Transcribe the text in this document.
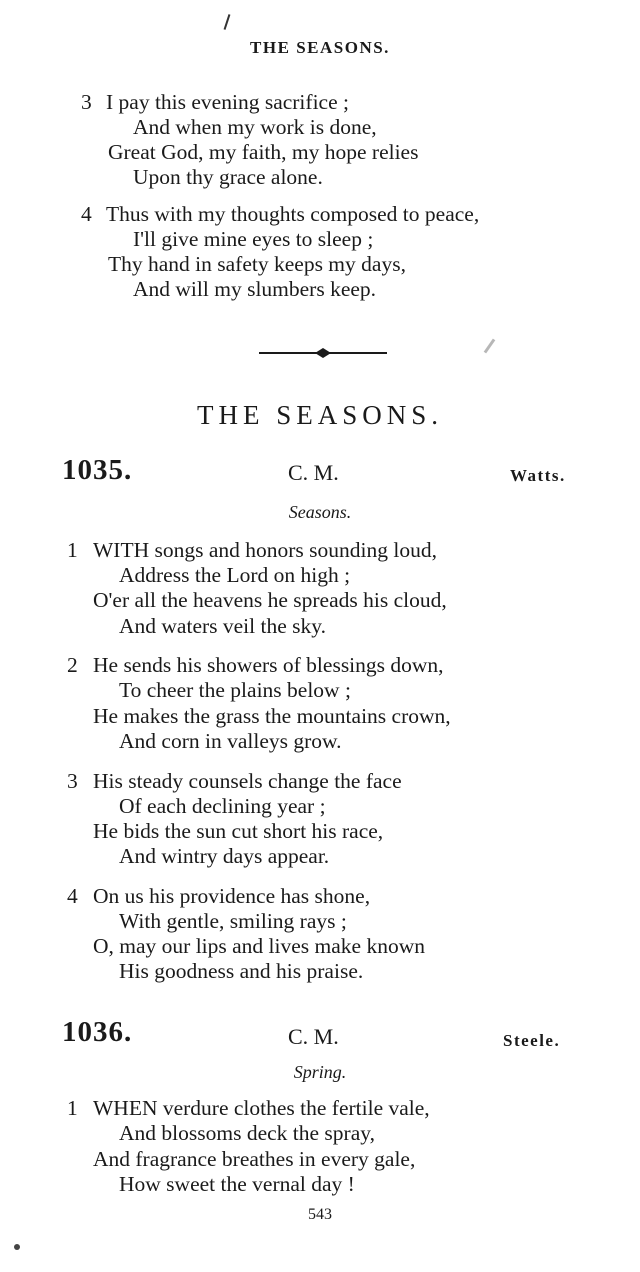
THE SEASONS.
3 I pay this evening sacrifice ;
And when my work is done,
Great God, my faith, my hope relies
Upon thy grace alone.
4 Thus with my thoughts composed to peace,
I'll give mine eyes to sleep ;
Thy hand in safety keeps my days,
And will my slumbers keep.
THE SEASONS.
1035.	C. M.	Watts.
Seasons.
1 WITH songs and honors sounding loud,
Address the Lord on high ;
O'er all the heavens he spreads his cloud,
And waters veil the sky.
2 He sends his showers of blessings down,
To cheer the plains below ;
He makes the grass the mountains crown,
And corn in valleys grow.
3 His steady counsels change the face
Of each declining year ;
He bids the sun cut short his race,
And wintry days appear.
4 On us his providence has shone,
With gentle, smiling rays ;
O, may our lips and lives make known
His goodness and his praise.
1036.	C. M.	Steele.
Spring.
1 WHEN verdure clothes the fertile vale,
And blossoms deck the spray,
And fragrance breathes in every gale,
How sweet the vernal day !
543
